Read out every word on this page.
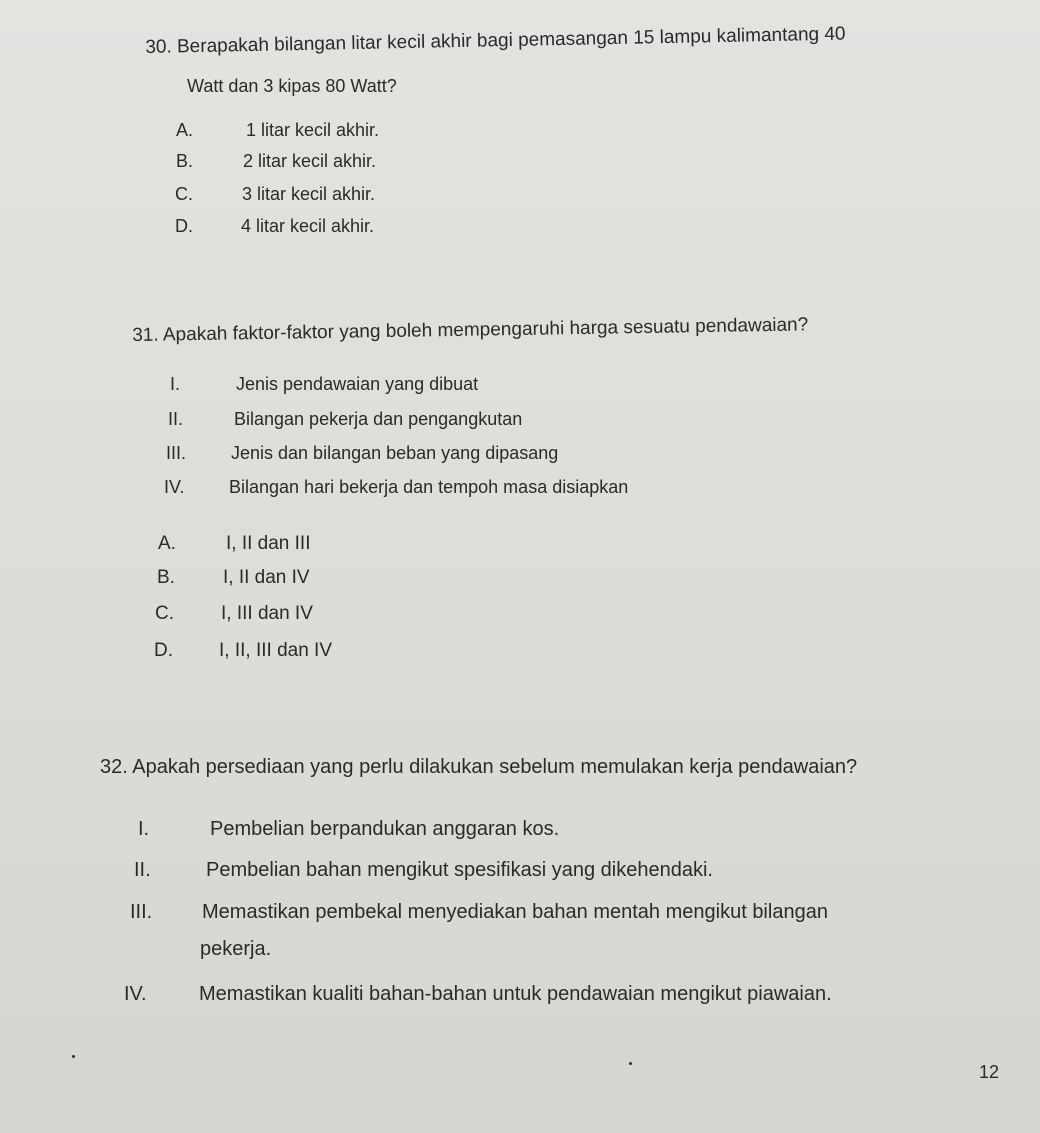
30. Berapakah bilangan litar kecil akhir bagi pemasangan 15 lampu kalimantang 40
Watt dan 3 kipas 80 Watt?
A.	1 litar kecil akhir.
B.	2 litar kecil akhir.
C.	3 litar kecil akhir.
D.	4 litar kecil akhir.
31. Apakah faktor-faktor yang boleh mempengaruhi harga sesuatu pendawaian?
I.	Jenis pendawaian yang dibuat
II.	Bilangan pekerja dan pengangkutan
III. Jenis dan bilangan beban yang dipasang
IV. Bilangan hari bekerja dan tempoh masa disiapkan
A.	I, II dan III
B.	I, II dan IV
C. I, III dan IV
D. I, II, III dan IV
32. Apakah persediaan yang perlu dilakukan sebelum memulakan kerja pendawaian?
I.	Pembelian berpandukan anggaran kos.
II.	Pembelian bahan mengikut spesifikasi yang dikehendaki.
III. Memastikan pembekal menyediakan bahan mentah mengikut bilangan
pekerja.
IV.	Memastikan kualiti bahan-bahan untuk pendawaian mengikut piawaian.
12
